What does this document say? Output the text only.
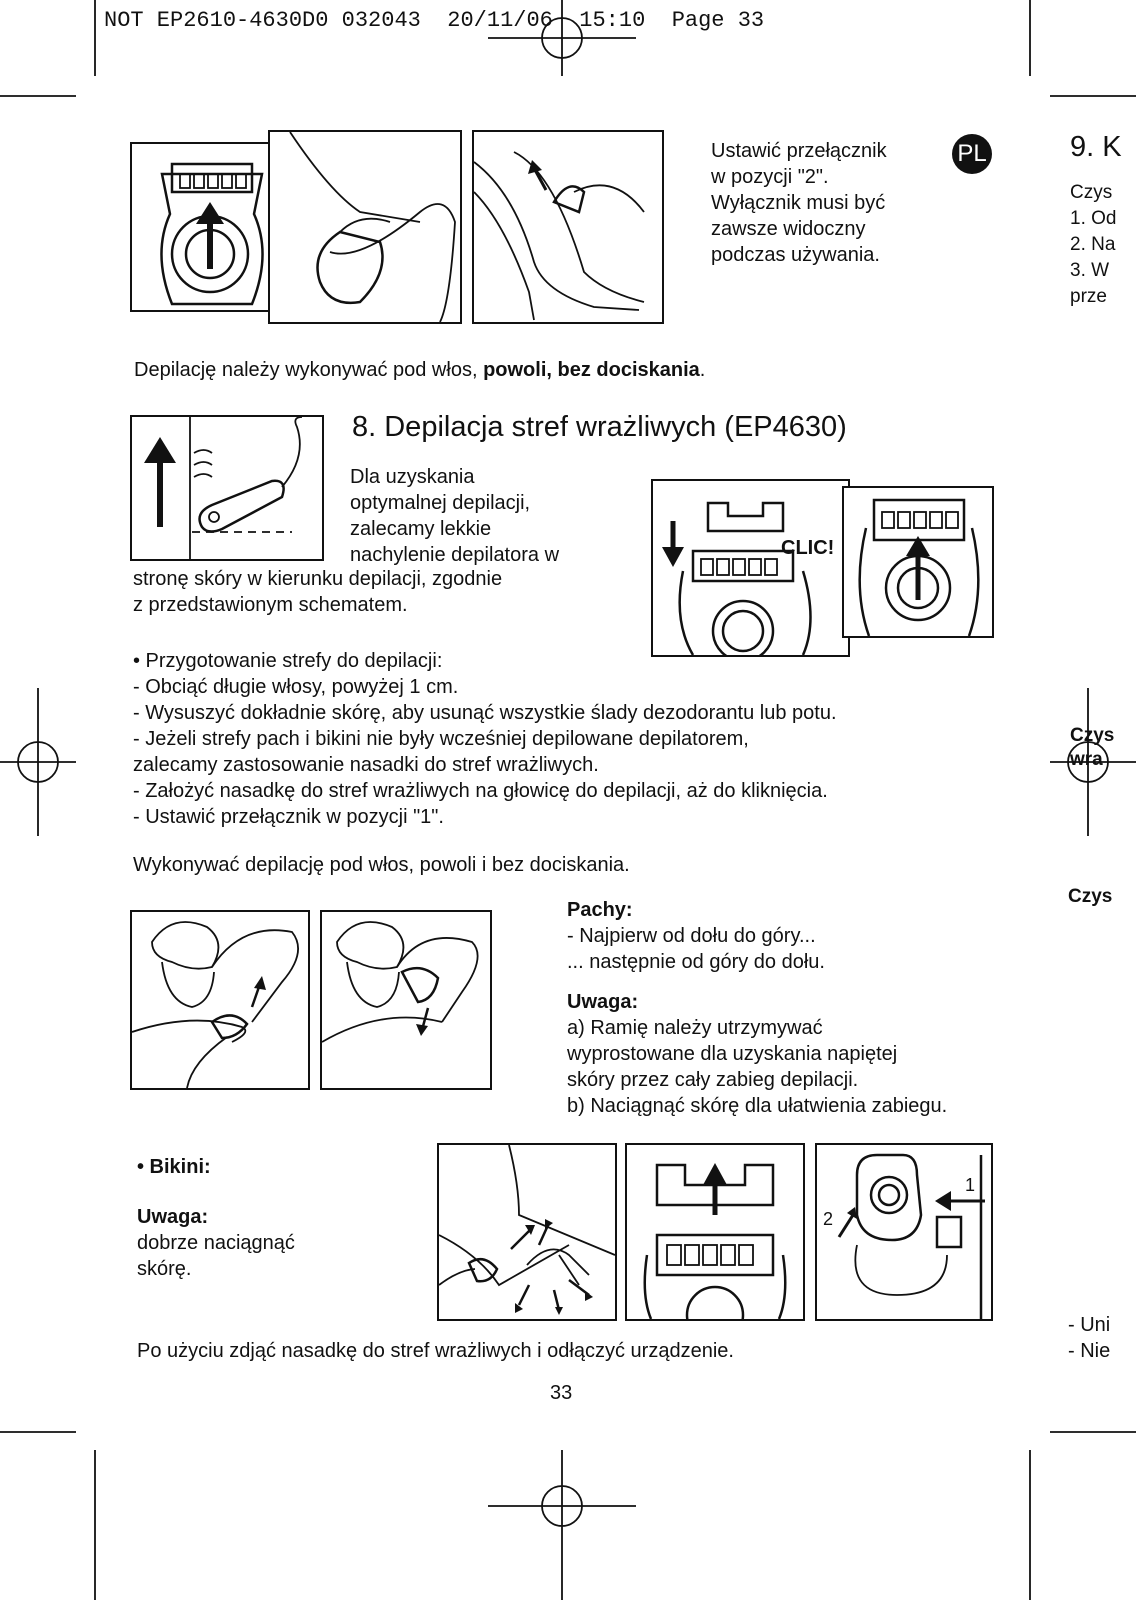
NOT EP2610-4630D0 032043  20/11/06  15:10  Page 33
Ustawić przełącznik
w pozycji "2".
Wyłącznik musi być
zawsze widoczny
podczas używania.
PL
Depilację należy wykonywać pod włos, powoli, bez dociskania.
8. Depilacja stref wrażliwych (EP4630)
Dla uzyskania
optymalnej depilacji,
zalecamy lekkie
nachylenie depilatora w
stronę skóry w kierunku depilacji, zgodnie
z przedstawionym schematem.
CLIC!
• Przygotowanie strefy do depilacji:
- Obciąć długie włosy, powyżej 1 cm.
- Wysuszyć dokładnie skórę, aby usunąć wszystkie ślady dezodorantu lub potu.
- Jeżeli strefy pach i bikini nie były wcześniej depilowane depilatorem,
zalecamy zastosowanie nasadki do stref wrażliwych.
- Założyć nasadkę do stref wrażliwych na głowicę do depilacji, aż do kliknięcia.
- Ustawić przełącznik w pozycji "1".
Wykonywać depilację pod włos, powoli i bez dociskania.
Pachy:
- Najpierw od dołu do góry...
... następnie od góry do dołu.
Uwaga:
a) Ramię należy utrzymywać
wyprostowane dla uzyskania napiętej
skóry przez cały zabieg depilacji.
b) Naciągnąć skórę dla ułatwienia zabiegu.
• Bikini:
Uwaga:
dobrze naciągnąć
skórę.
1
2
Po użyciu zdjąć nasadkę do stref wrażliwych i odłączyć urządzenie.
33
9. K
Czys
1. Od
2. Na
3. W
prze
Czys
wra
Czys
- Uni
- Nie
